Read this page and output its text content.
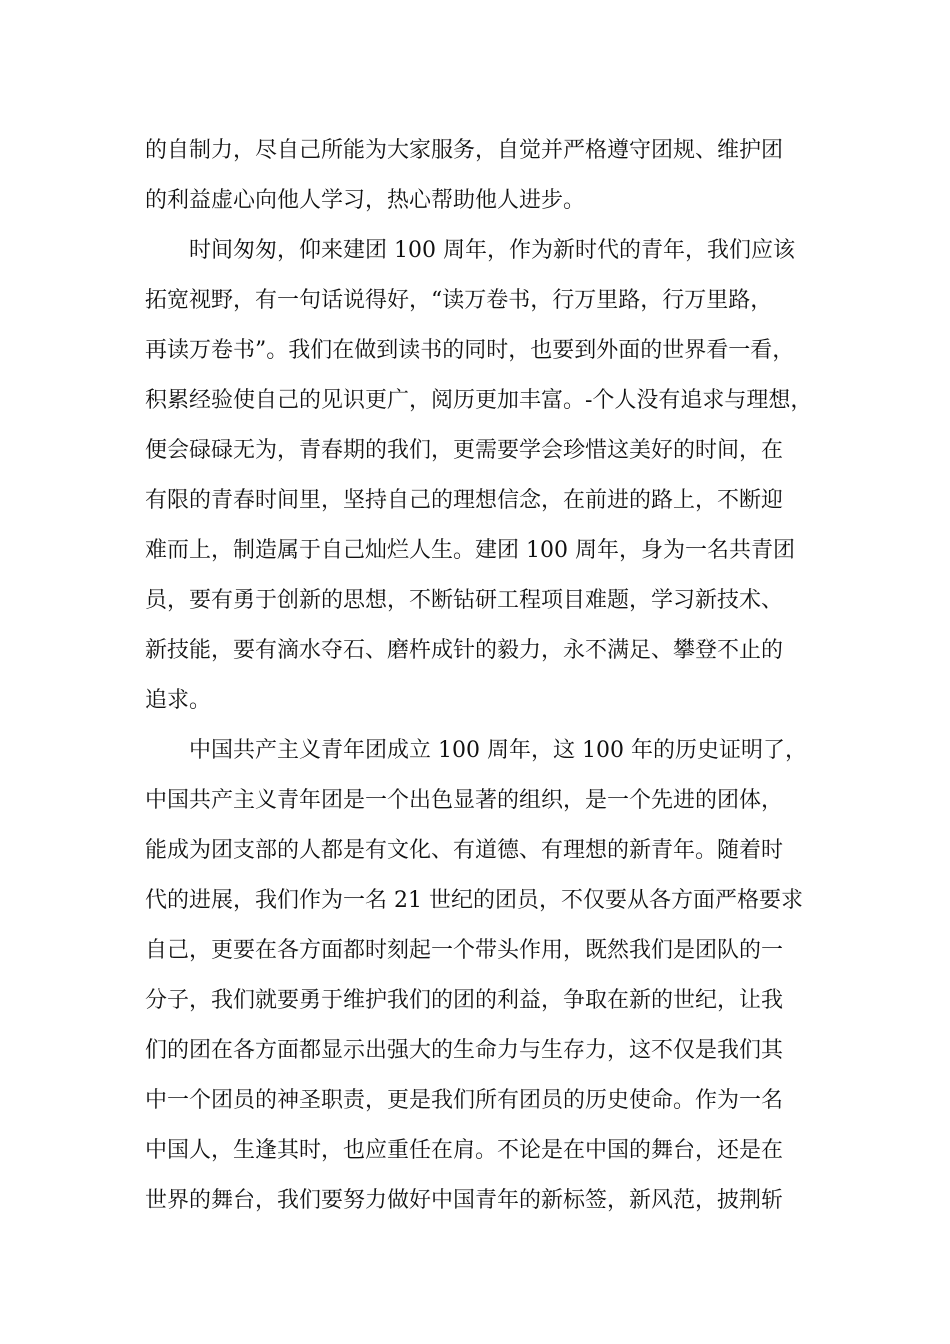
的自制力，尽自己所能为大家服务，自觉并严格遵守团规、维护团
的利益虚心向他人学习，热心帮助他人进步。
时间匆匆，仰来建团 100 周年，作为新时代的青年，我们应该
拓宽视野，有一句话说得好，“读万卷书，行万里路，行万里路，
再读万卷书”。我们在做到读书的同时，也要到外面的世界看一看，
积累经验使自己的见识更广，阅历更加丰富。-个人没有追求与理想，
便会碌碌无为，青春期的我们，更需要学会珍惜这美好的时间，在
有限的青春时间里，坚持自己的理想信念，在前进的路上，不断迎
难而上，制造属于自己灿烂人生。建团 100 周年，身为一名共青团
员，要有勇于创新的思想，不断钻研工程项目难题，学习新技术、
新技能，要有滴水夺石、磨杵成针的毅力，永不满足、攀登不止的
追求。
中国共产主义青年团成立 100 周年，这 100 年的历史证明了，
中国共产主义青年团是一个出色显著的组织，是一个先进的团体，
能成为团支部的人都是有文化、有道德、有理想的新青年。随着时
代的进展，我们作为一名 21 世纪的团员，不仅要从各方面严格要求
自己，更要在各方面都时刻起一个带头作用，既然我们是团队的一
分子，我们就要勇于维护我们的团的利益，争取在新的世纪，让我
们的团在各方面都显示出强大的生命力与生存力，这不仅是我们其
中一个团员的神圣职责，更是我们所有团员的历史使命。作为一名
中国人，生逢其时，也应重任在肩。不论是在中国的舞台，还是在
世界的舞台，我们要努力做好中国青年的新标签，新风范，披荆斩
